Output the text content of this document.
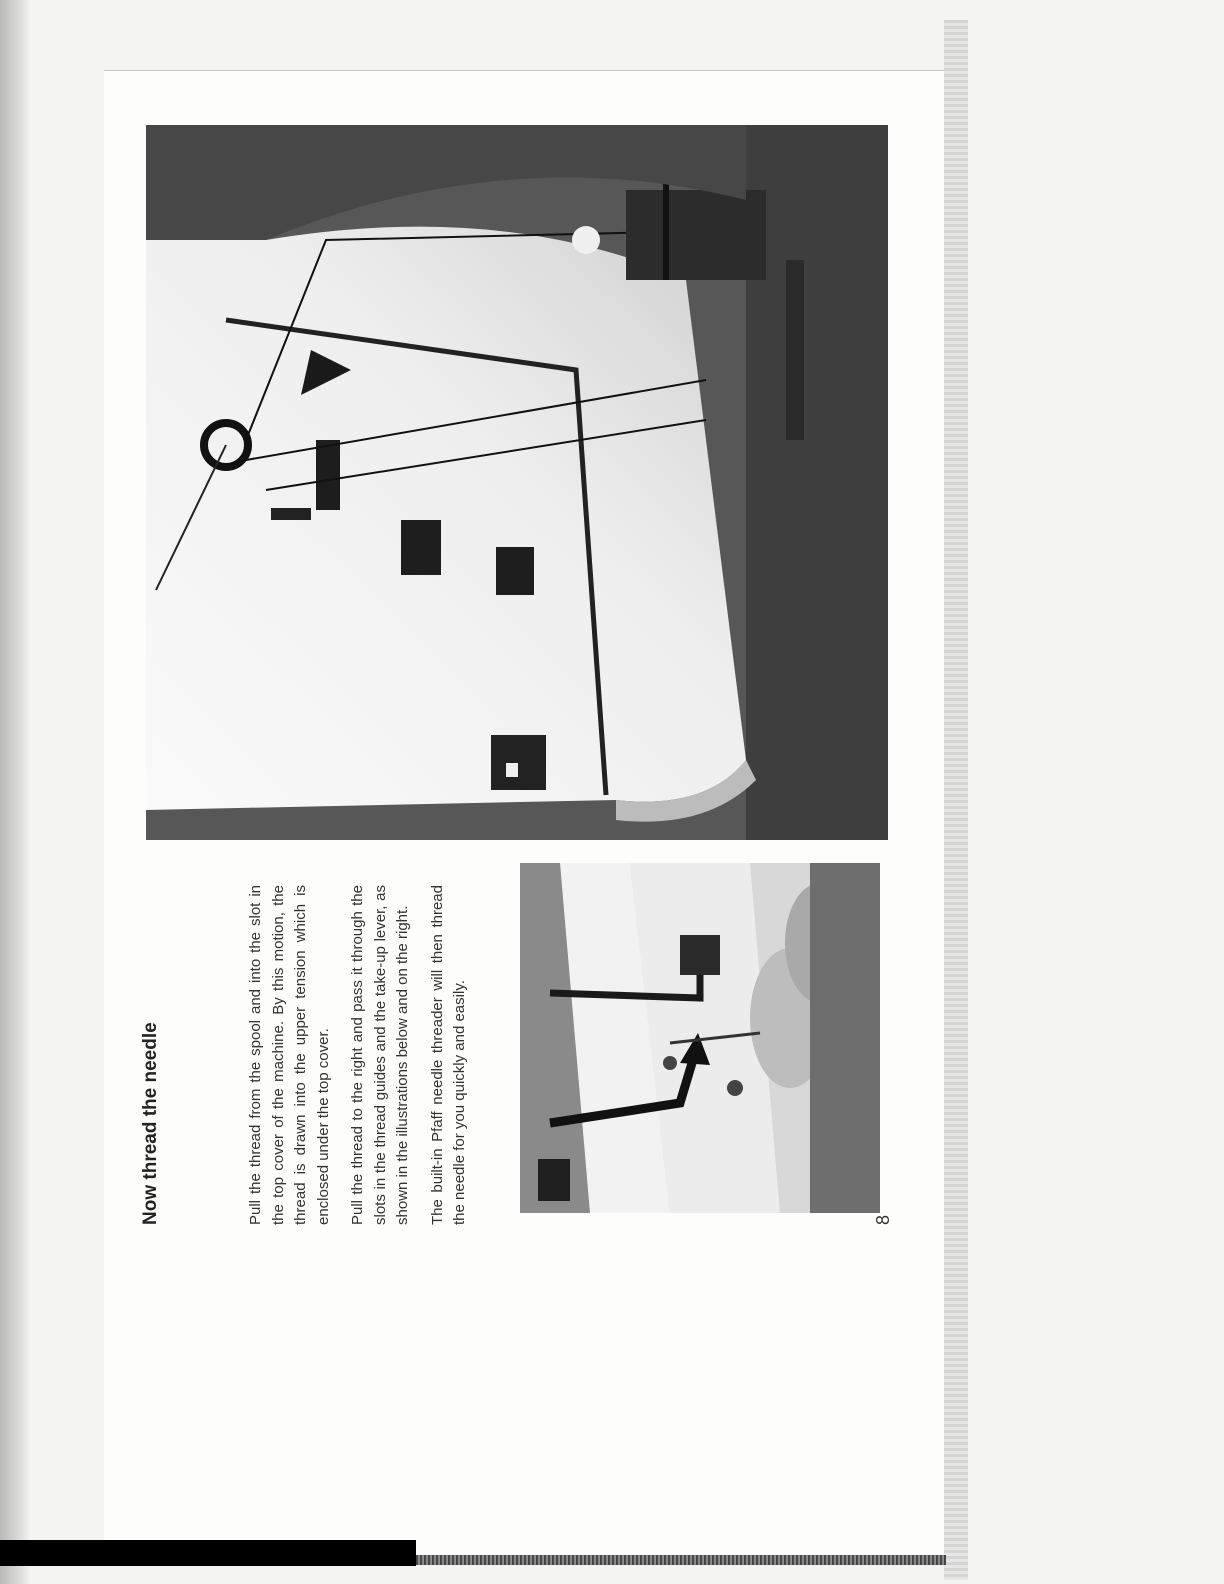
Now thread the needle	Pull the thread from the spool and into the slot in the top cover of the machine. By this motion, the thread is drawn into the upper tension which is enclosed under the top cover. Pull the thread to the right and pass it through the slots in the thread guides and the take-up lever, as shown in the illustrations below and on the right. The built-in Pfaff needle threader will then thread the needle for you quickly and easily.	8
